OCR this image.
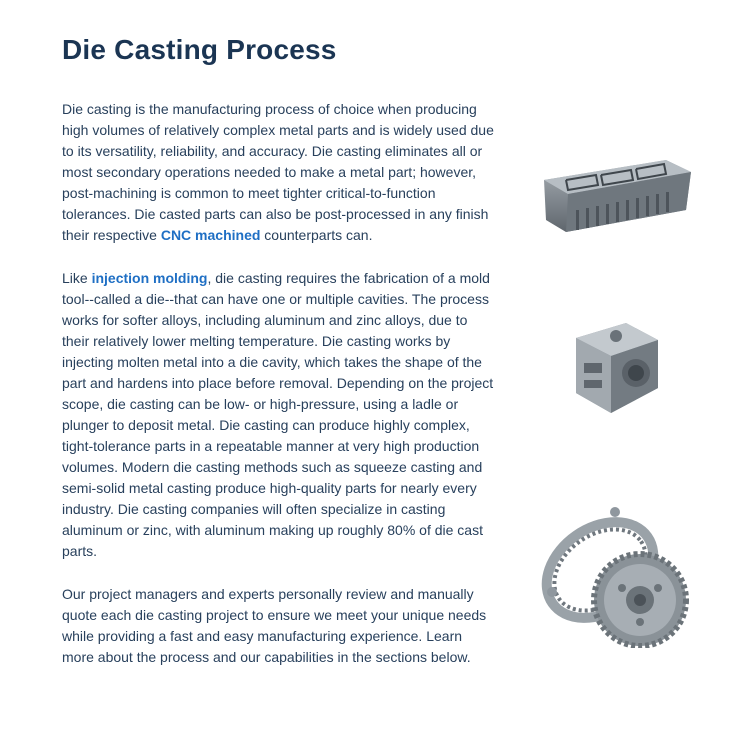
Die Casting Process

Die casting is the manufacturing process of choice when producing high volumes of relatively complex metal parts and is widely used due to its versatility, reliability, and accuracy. Die casting eliminates all or most secondary operations needed to make a metal part; however, post-machining is common to meet tighter critical-to-function tolerances. Die casted parts can also be post-processed in any finish their respective CNC machined counterparts can.

Like injection molding, die casting requires the fabrication of a mold tool--called a die--that can have one or multiple cavities. The process works for softer alloys, including aluminum and zinc alloys, due to their relatively lower melting temperature. Die casting works by injecting molten metal into a die cavity, which takes the shape of the part and hardens into place before removal. Depending on the project scope, die casting can be low- or high-pressure, using a ladle or plunger to deposit metal. Die casting can produce highly complex, tight-tolerance parts in a repeatable manner at very high production volumes. Modern die casting methods such as squeeze casting and semi-solid metal casting produce high-quality parts for nearly every industry. Die casting companies will often specialize in casting aluminum or zinc, with aluminum making up roughly 80% of die cast parts.

Our project managers and experts personally review and manually quote each die casting project to ensure we meet your unique needs while providing a fast and easy manufacturing experience. Learn more about the process and our capabilities in the sections below.
